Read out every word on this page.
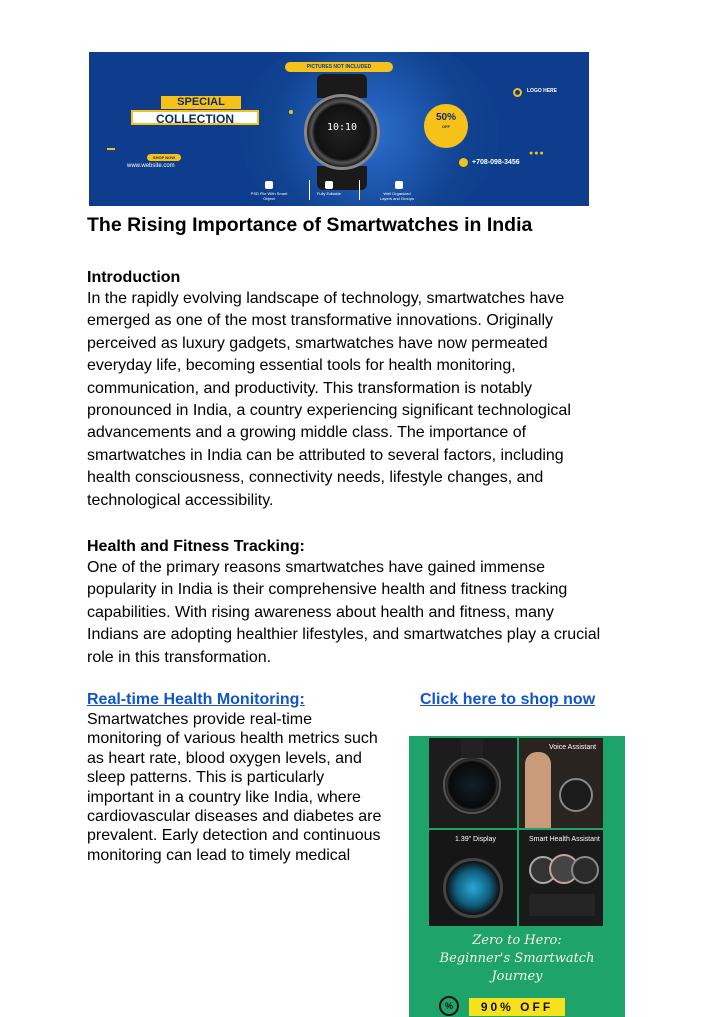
PICTURES NOT INCLUDED
SPECIAL
COLLECTION
10:10
50%
OFF
LOGO HERE
●●●
+708-098-3456
SHOP NOW
www.website.com
PSD File With Smart Object
Fully Editable	Well Organized Layers and Groups
The Rising Importance of Smartwatches in India
Introduction
In the rapidly evolving landscape of technology, smartwatches have
emerged as one of the most transformative innovations. Originally
perceived as luxury gadgets, smartwatches have now permeated
everyday life, becoming essential tools for health monitoring,
communication, and productivity. This transformation is notably
pronounced in India, a country experiencing significant technological
advancements and a growing middle class. The importance of
smartwatches in India can be attributed to several factors, including
health consciousness, connectivity needs, lifestyle changes, and
technological accessibility.
Health and Fitness Tracking:
One of the primary reasons smartwatches have gained immense
popularity in India is their comprehensive health and fitness tracking
capabilities. With rising awareness about health and fitness, many
Indians are adopting healthier lifestyles, and smartwatches play a crucial
role in this transformation.
Real-time Health Monitoring:	Click here to shop now
Smartwatches provide real-time
monitoring of various health metrics such
as heart rate, blood oxygen levels, and
sleep patterns. This is particularly
important in a country like India, where
cardiovascular diseases and diabetes are
prevalent. Early detection and continuous
monitoring can lead to timely medical
Voice Assistant
1.39" Display	Smart Health Assistant
Zero to Hero:
Beginner's Smartwatch
Journey
%	90% OFF
